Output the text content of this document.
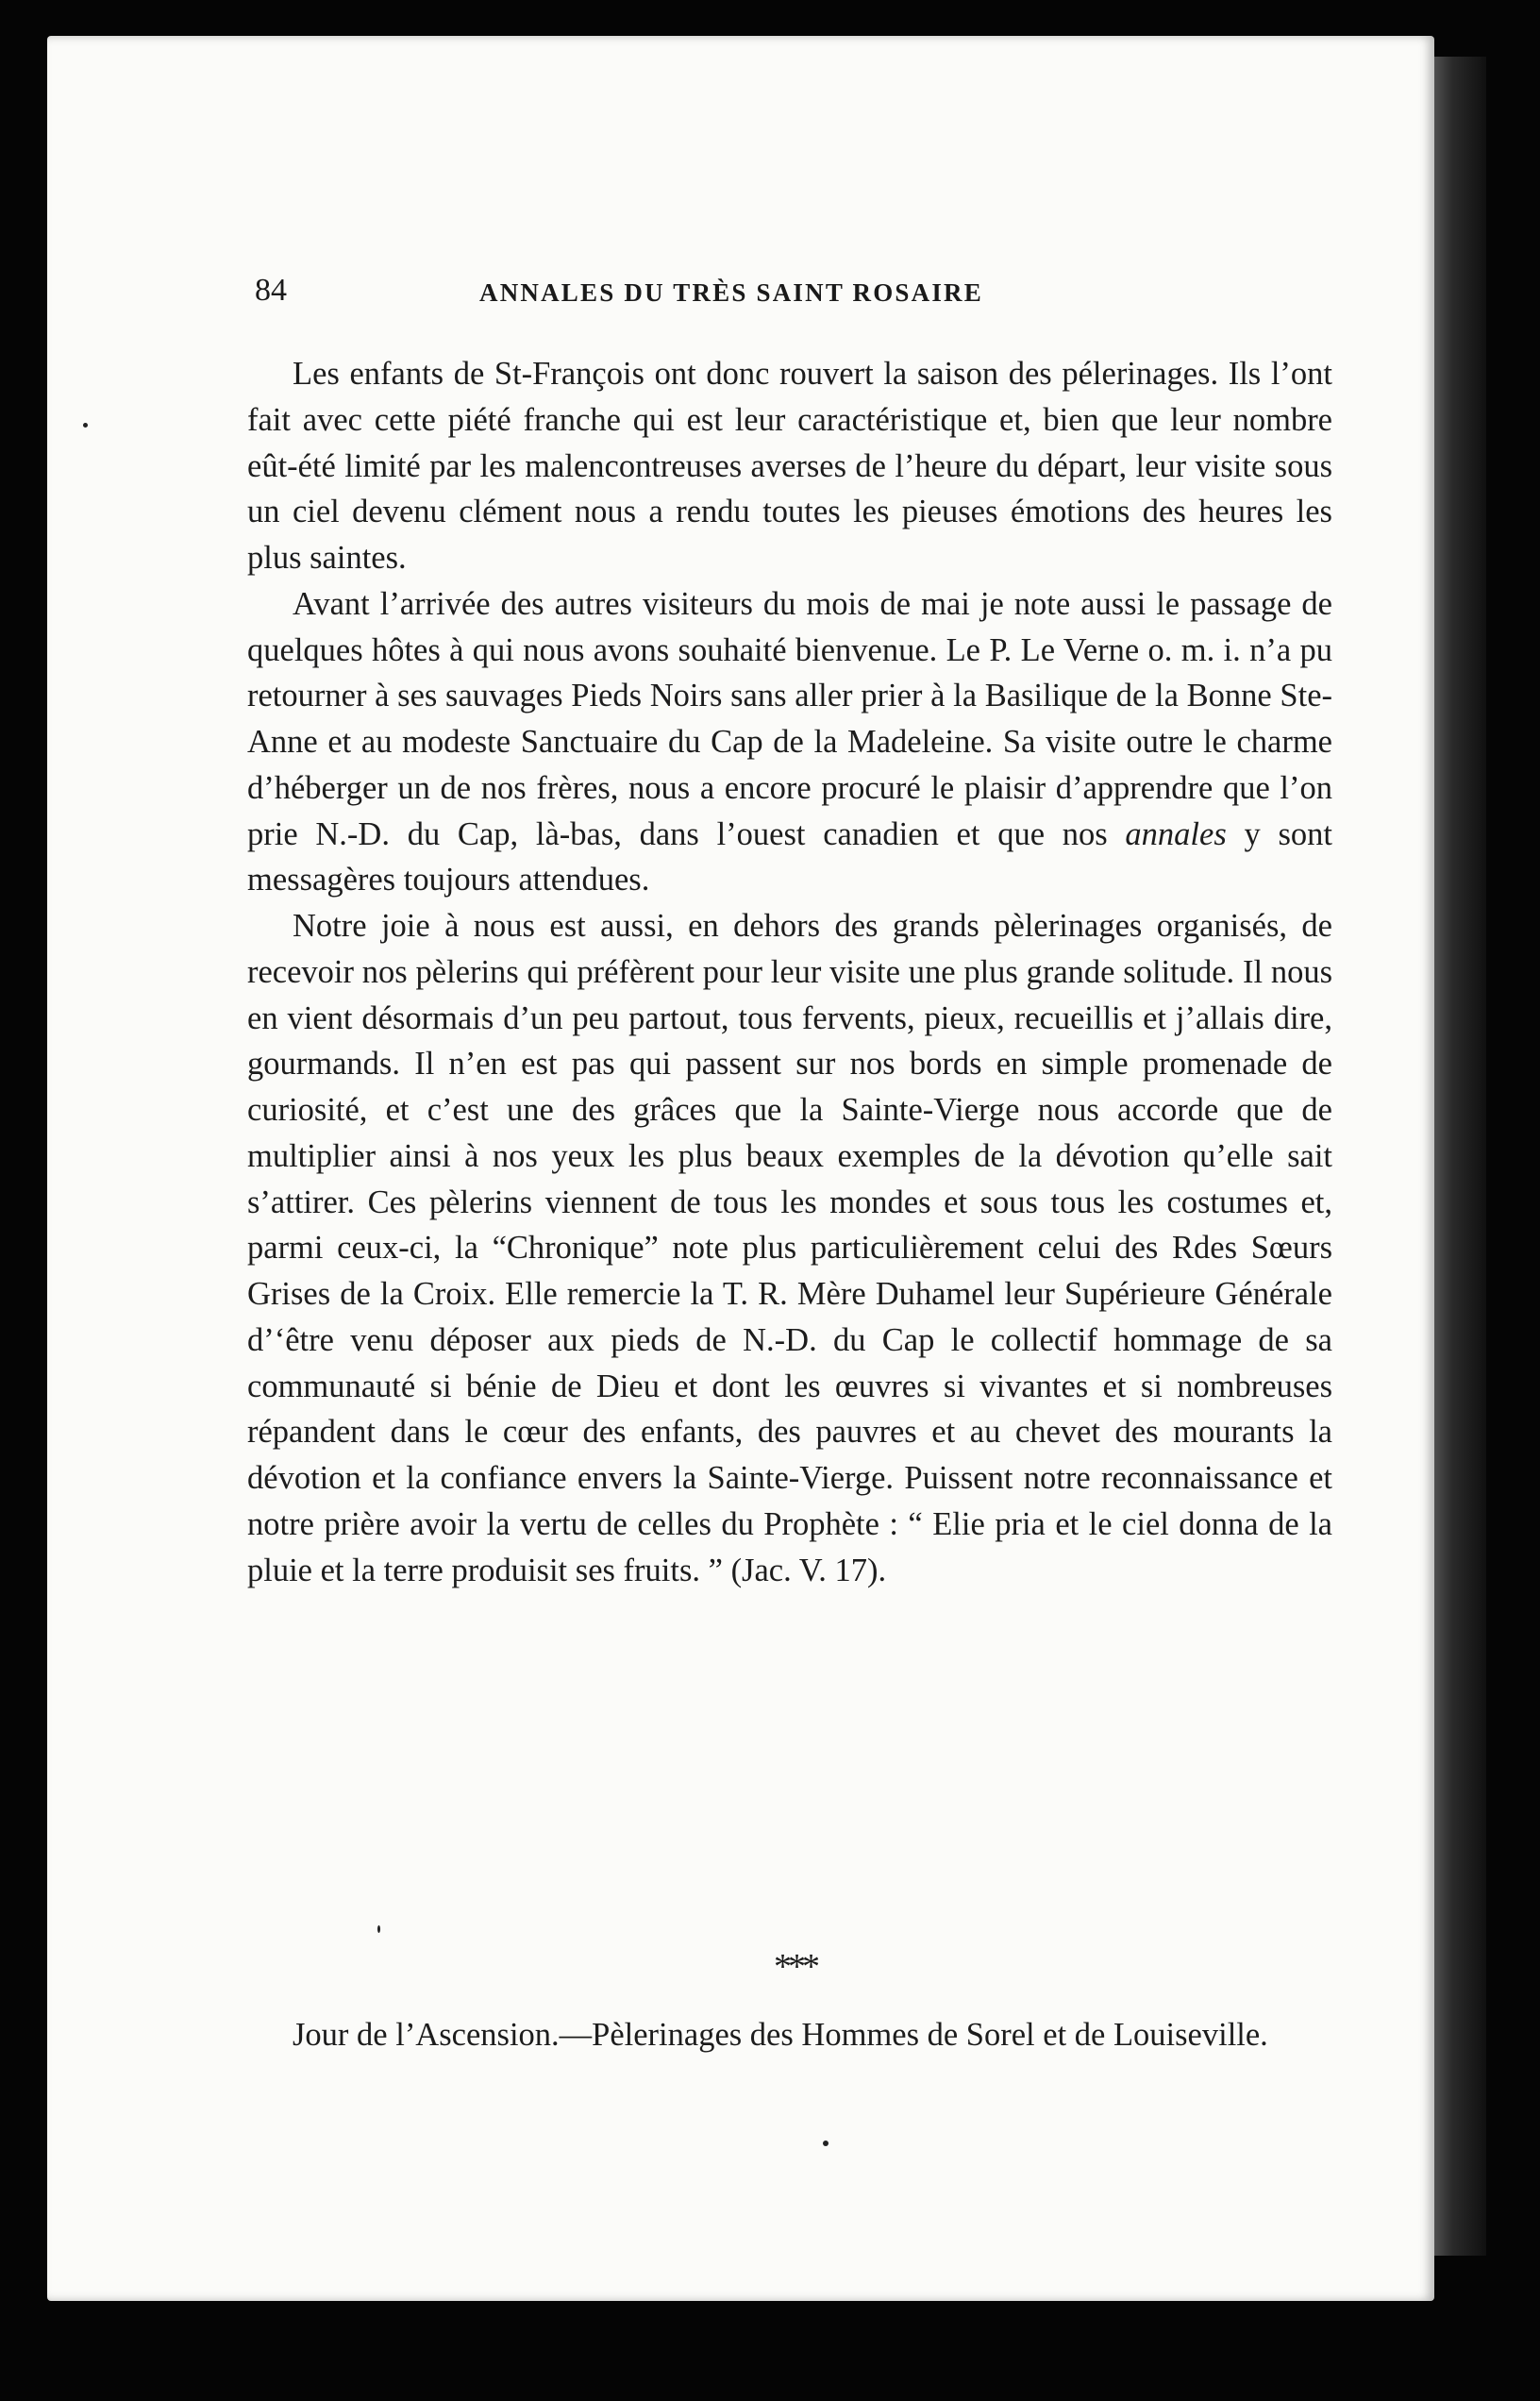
84	ANNALES DU TRÈS SAINT ROSAIRE

Les enfants de St-François ont donc rouvert la saison des pélerinages. Ils l’ont fait avec cette piété franche qui est leur caractéristique et, bien que leur nombre eût-été limité par les malencontreuses averses de l’heure du départ, leur visite sous un ciel devenu clément nous a rendu toutes les pieuses émotions des heures les plus saintes.

Avant l’arrivée des autres visiteurs du mois de mai je note aussi le passage de quelques hôtes à qui nous avons souhaité bienvenue. Le P. Le Verne o. m. i. n’a pu retourner à ses sauvages Pieds Noirs sans aller prier à la Basilique de la Bonne Ste-Anne et au modeste Sanctuaire du Cap de la Madeleine. Sa visite outre le charme d’héberger un de nos frères, nous a encore procuré le plaisir d’apprendre que l’on prie N.-D. du Cap, là-bas, dans l’ouest canadien et que nos annales y sont messagères toujours attendues.

Notre joie à nous est aussi, en dehors des grands pèlerinages organisés, de recevoir nos pèlerins qui préfèrent pour leur visite une plus grande solitude. Il nous en vient désormais d’un peu partout, tous fervents, pieux, recueillis et j’allais dire, gourmands. Il n’en est pas qui passent sur nos bords en simple promenade de curiosité, et c’est une des grâces que la Sainte-Vierge nous accorde que de multiplier ainsi à nos yeux les plus beaux exemples de la dévotion qu’elle sait s’attirer. Ces pèlerins viennent de tous les mondes et sous tous les costumes et, parmi ceux-ci, la “Chronique” note plus particulièrement celui des Rdes Sœurs Grises de la Croix. Elle remercie la T. R. Mère Duhamel leur Supérieure Générale d’‘être venu déposer aux pieds de N.-D. du Cap le collectif hommage de sa communauté si bénie de Dieu et dont les œuvres si vivantes et si nombreuses répandent dans le cœur des enfants, des pauvres et au chevet des mourants la dévotion et la confiance envers la Sainte-Vierge. Puissent notre reconnaissance et notre prière avoir la vertu de celles du Prophète : “ Elie pria et le ciel donna de la pluie et la terre produisit ses fruits. ” (Jac. V. 17).

***

Jour de l’Ascension.—Pèlerinages des Hommes de Sorel et de Louiseville.
